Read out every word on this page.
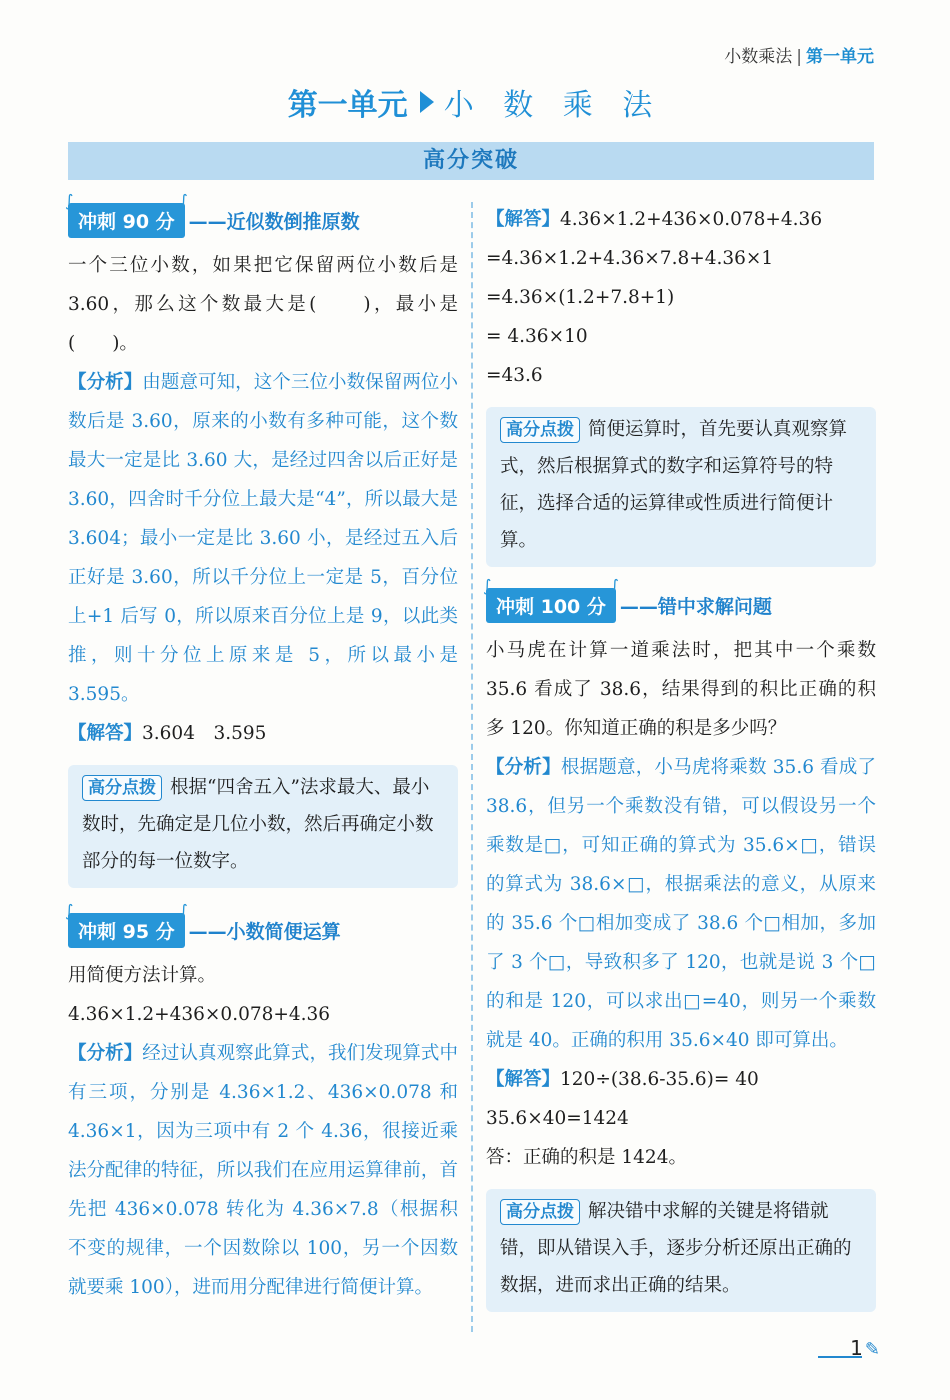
小数乘法 | 第一单元
第一单元 小 数 乘 法
高分突破
∫
冲刺 90 分
∫
——近似数倒推原数
一个三位小数，如果把它保留两位小数后是 3.60，那么这个数最大是(　　)，最小是(　　)。
【分析】由题意可知，这个三位小数保留两位小数后是 3.60，原来的小数有多种可能，这个数最大一定是比 3.60 大，是经过四舍以后正好是 3.60，四舍时千分位上最大是“4”，所以最大是 3.604；最小一定是比 3.60 小，是经过五入后正好是 3.60，所以千分位上一定是 5，百分位上+1 后写 0，所以原来百分位上是 9，以此类推，则十分位上原来是 5，所以最小是 3.595。
【解答】3.604　3.595
高分点拨 根据“四舍五入”法求最大、最小数时，先确定是几位小数，然后再确定小数部分的每一位数字。
∫
冲刺 95 分
∫
——小数简便运算
用简便方法计算。
4.36×1.2+436×0.078+4.36
【分析】经过认真观察此算式，我们发现算式中有三项，分别是 4.36×1.2、436×0.078 和 4.36×1，因为三项中有 2 个 4.36，很接近乘法分配律的特征，所以我们在应用运算律前，首先把 436×0.078 转化为 4.36×7.8（根据积不变的规律，一个因数除以 100，另一个因数就要乘 100），进而用分配律进行简便计算。
【解答】4.36×1.2+436×0.078+4.36
=4.36×1.2+4.36×7.8+4.36×1
=4.36×(1.2+7.8+1)
= 4.36×10
=43.6
高分点拨 简便运算时，首先要认真观察算式，然后根据算式的数字和运算符号的特征，选择合适的运算律或性质进行简便计算。
∫
冲刺 100 分
∫
——错中求解问题
小马虎在计算一道乘法时，把其中一个乘数 35.6 看成了 38.6，结果得到的积比正确的积多 120。你知道正确的积是多少吗？
【分析】根据题意，小马虎将乘数 35.6 看成了 38.6，但另一个乘数没有错，可以假设另一个乘数是□，可知正确的算式为 35.6×□，错误的算式为 38.6×□，根据乘法的意义，从原来的 35.6 个□相加变成了 38.6 个□相加，多加了 3 个□，导致积多了 120，也就是说 3 个□的和是 120，可以求出□=40，则另一个乘数就是 40。正确的积用 35.6×40 即可算出。
【解答】120÷(38.6-35.6)= 40
35.6×40=1424
答：正确的积是 1424。
高分点拨 解决错中求解的关键是将错就错，即从错误入手，逐步分析还原出正确的数据，进而求出正确的结果。
1 ✎
